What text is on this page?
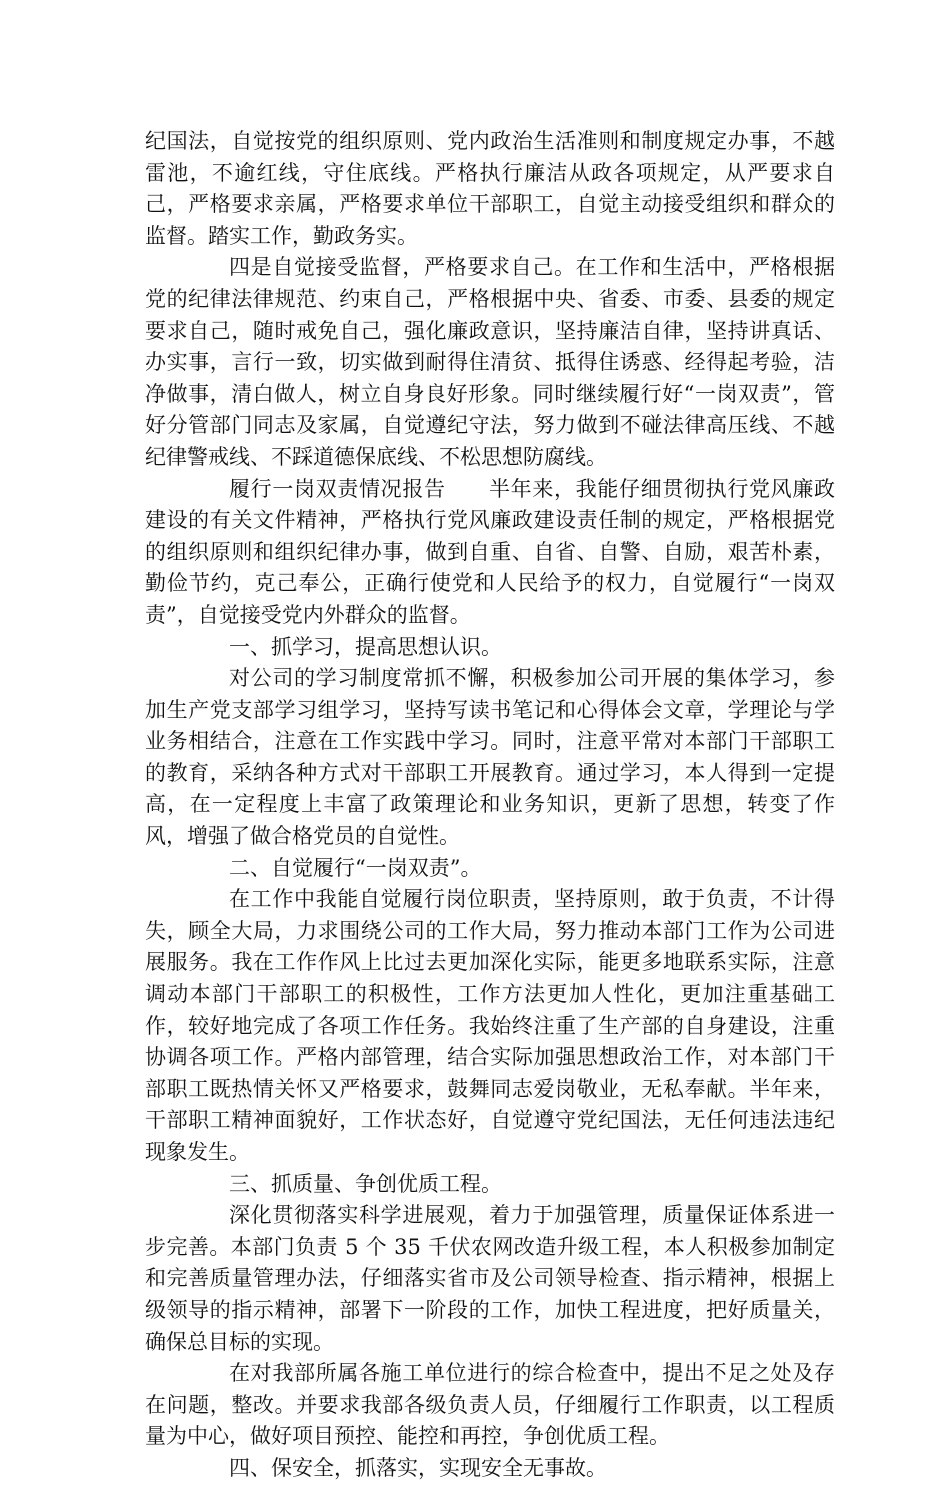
纪国法，自觉按党的组织原则、党内政治生活准则和制度规定办事，不越雷池，不逾红线，守住底线。严格执行廉洁从政各项规定，从严要求自己，严格要求亲属，严格要求单位干部职工，自觉主动接受组织和群众的监督。踏实工作，勤政务实。

四是自觉接受监督，严格要求自己。在工作和生活中，严格根据党的纪律法律规范、约束自己，严格根据中央、省委、市委、县委的规定要求自己，随时戒免自己，强化廉政意识，坚持廉洁自律，坚持讲真话、办实事，言行一致，切实做到耐得住清贫、抵得住诱惑、经得起考验，洁净做事，清白做人，树立自身良好形象。同时继续履行好“一岗双责”，管好分管部门同志及家属，自觉遵纪守法，努力做到不碰法律高压线、不越纪律警戒线、不踩道德保底线、不松思想防腐线。

履行一岗双责情况报告　　半年来，我能仔细贯彻执行党风廉政建设的有关文件精神，严格执行党风廉政建设责任制的规定，严格根据党的组织原则和组织纪律办事，做到自重、自省、自警、自励，艰苦朴素，勤俭节约，克己奉公，正确行使党和人民给予的权力，自觉履行“一岗双责”，自觉接受党内外群众的监督。

一、抓学习，提高思想认识。

对公司的学习制度常抓不懈，积极参加公司开展的集体学习，参加生产党支部学习组学习，坚持写读书笔记和心得体会文章，学理论与学业务相结合，注意在工作实践中学习。同时，注意平常对本部门干部职工的教育，采纳各种方式对干部职工开展教育。通过学习，本人得到一定提高，在一定程度上丰富了政策理论和业务知识，更新了思想，转变了作风，增强了做合格党员的自觉性。

二、自觉履行“一岗双责”。

在工作中我能自觉履行岗位职责，坚持原则，敢于负责，不计得失，顾全大局，力求围绕公司的工作大局，努力推动本部门工作为公司进展服务。我在工作作风上比过去更加深化实际，能更多地联系实际，注意调动本部门干部职工的积极性，工作方法更加人性化，更加注重基础工作，较好地完成了各项工作任务。我始终注重了生产部的自身建设，注重协调各项工作。严格内部管理，结合实际加强思想政治工作，对本部门干部职工既热情关怀又严格要求，鼓舞同志爱岗敬业，无私奉献。半年来，干部职工精神面貌好，工作状态好，自觉遵守党纪国法，无任何违法违纪现象发生。

三、抓质量、争创优质工程。

深化贯彻落实科学进展观，着力于加强管理，质量保证体系进一步完善。本部门负责 5 个 35 千伏农网改造升级工程，本人积极参加制定和完善质量管理办法，仔细落实省市及公司领导检查、指示精神，根据上级领导的指示精神，部署下一阶段的工作，加快工程进度，把好质量关，确保总目标的实现。

在对我部所属各施工单位进行的综合检查中，提出不足之处及存在问题，整改。并要求我部各级负责人员，仔细履行工作职责，以工程质量为中心，做好项目预控、能控和再控，争创优质工程。

四、保安全，抓落实，实现安全无事故。
